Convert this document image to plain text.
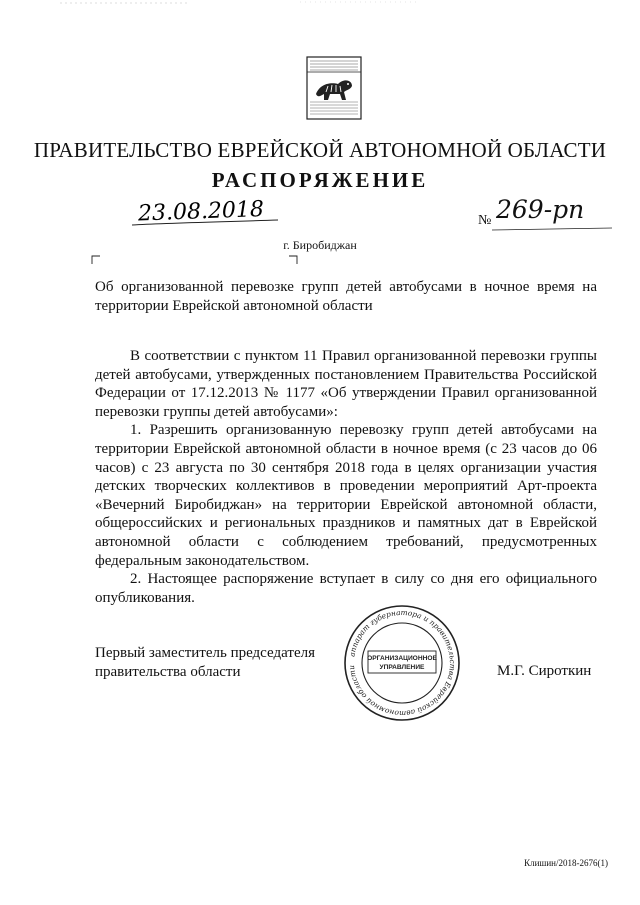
ПРАВИТЕЛЬСТВО ЕВРЕЙСКОЙ АВТОНОМНОЙ ОБЛАСТИ
РАСПОРЯЖЕНИЕ
23.08.2018	№ 269-рп
г. Биробиджан
Об организованной перевозке групп детей автобусами в ночное время на территории Еврейской автономной области

В соответствии с пунктом 11 Правил организованной перевозки группы детей автобусами, утвержденных постановлением Правительства Российской Федерации от 17.12.2013 № 1177 «Об утверждении Правил организованной перевозки группы детей автобусами»:

1. Разрешить организованную перевозку групп детей автобусами на территории Еврейской автономной области в ночное время (с 23 часов до 06 часов) с 23 августа по 30 сентября 2018 года в целях организации участия детских творческих коллективов в проведении мероприятий Арт-проекта «Вечерний Биробиджан» на территории Еврейской автономной области, общероссийских и региональных праздников и памятных дат в Еврейской автономной области с соблюдением требований, предусмотренных федеральным законодательством.

2. Настоящее распоряжение вступает в силу со дня его официального опубликования.

Первый заместитель председателя
правительства области
аппарат губернатора и правительства Еврейской автономной области
ОРГАНИЗАЦИОННОЕ
УПРАВЛЕНИЕ	М.Г. Сироткин
Клишин/2018-2676(1)
